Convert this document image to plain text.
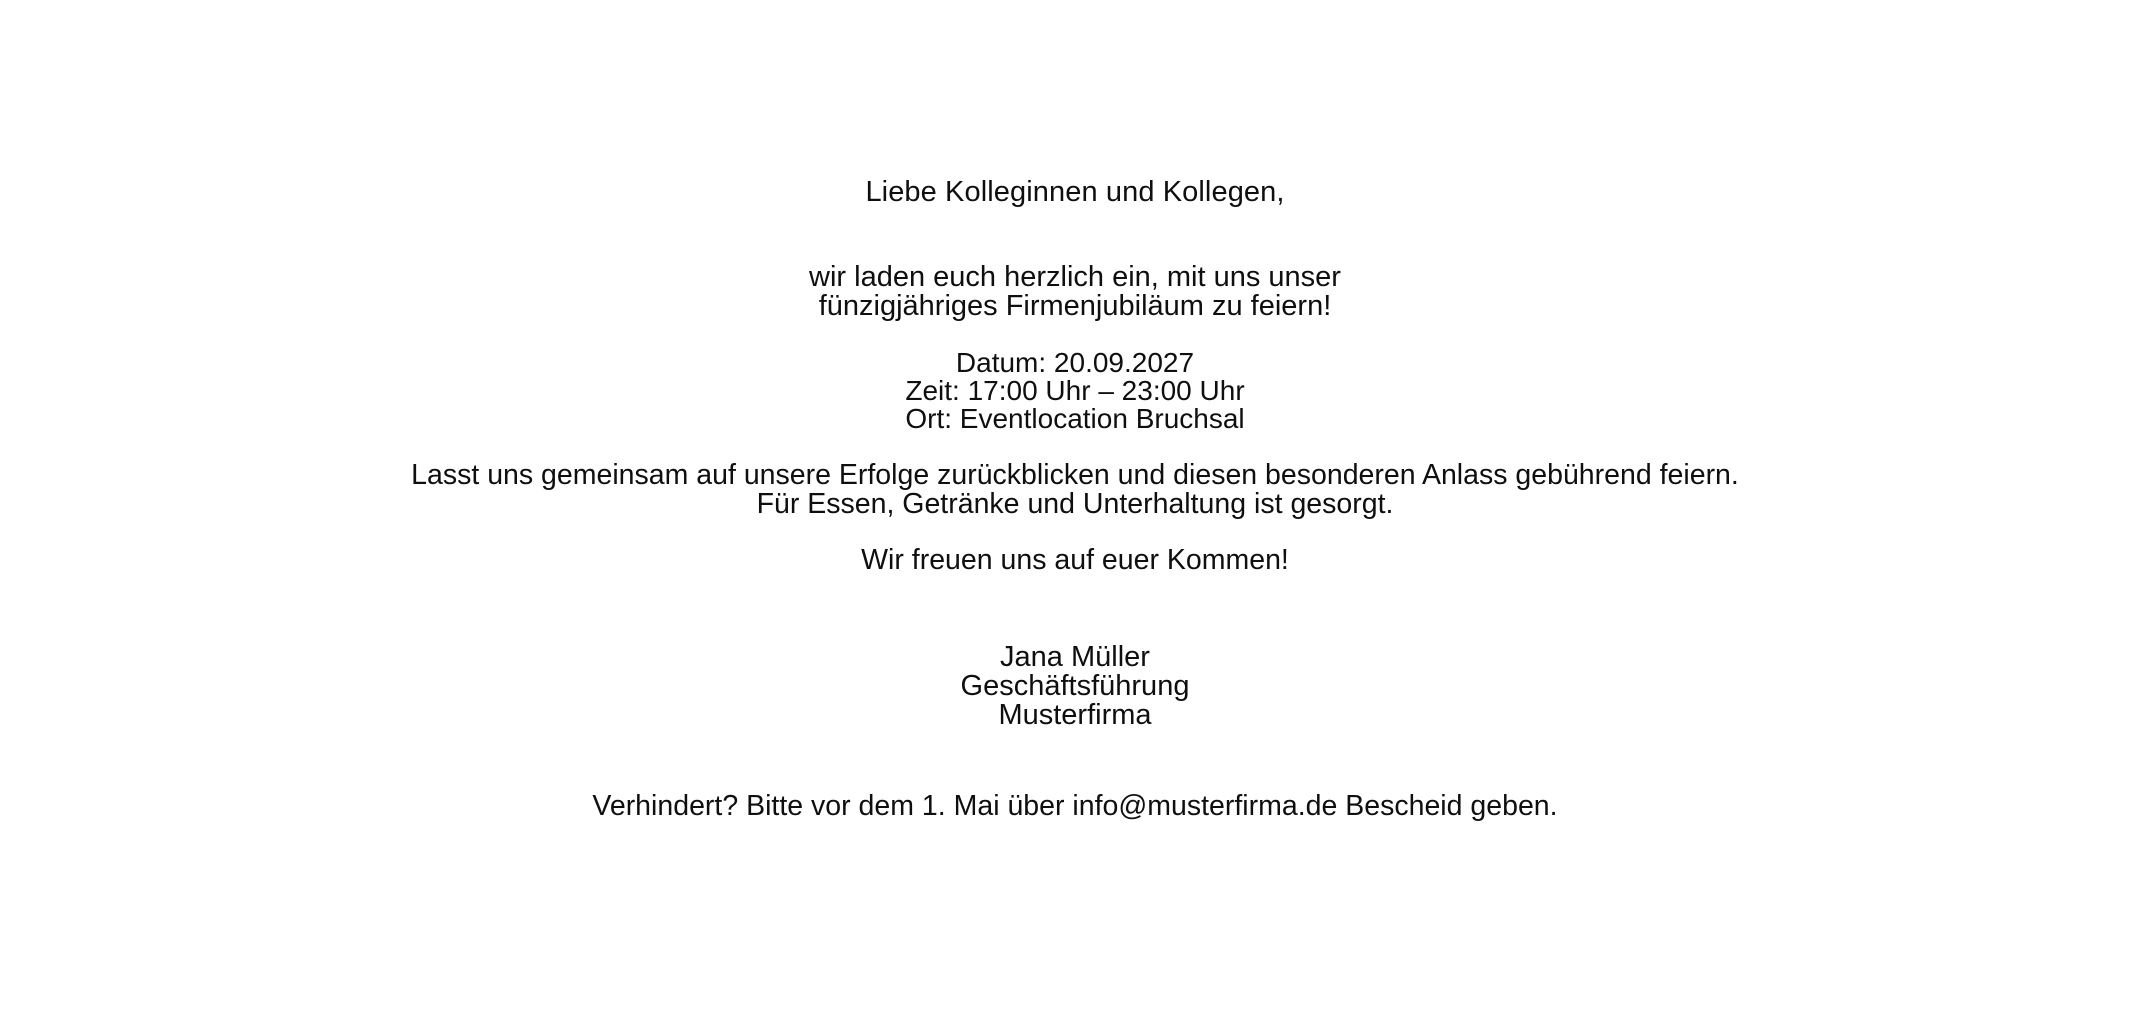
Liebe Kolleginnen und Kollegen,
wir laden euch herzlich ein, mit uns unser
fünzigjähriges Firmenjubiläum zu feiern!
Datum: 20.09.2027
Zeit: 17:00 Uhr – 23:00 Uhr
Ort: Eventlocation Bruchsal
Lasst uns gemeinsam auf unsere Erfolge zurückblicken und diesen besonderen Anlass gebührend feiern.
Für Essen, Getränke und Unterhaltung ist gesorgt.
Wir freuen uns auf euer Kommen!
Jana Müller
Geschäftsführung
Musterfirma
Verhindert? Bitte vor dem 1. Mai über info@musterfirma.de Bescheid geben.
